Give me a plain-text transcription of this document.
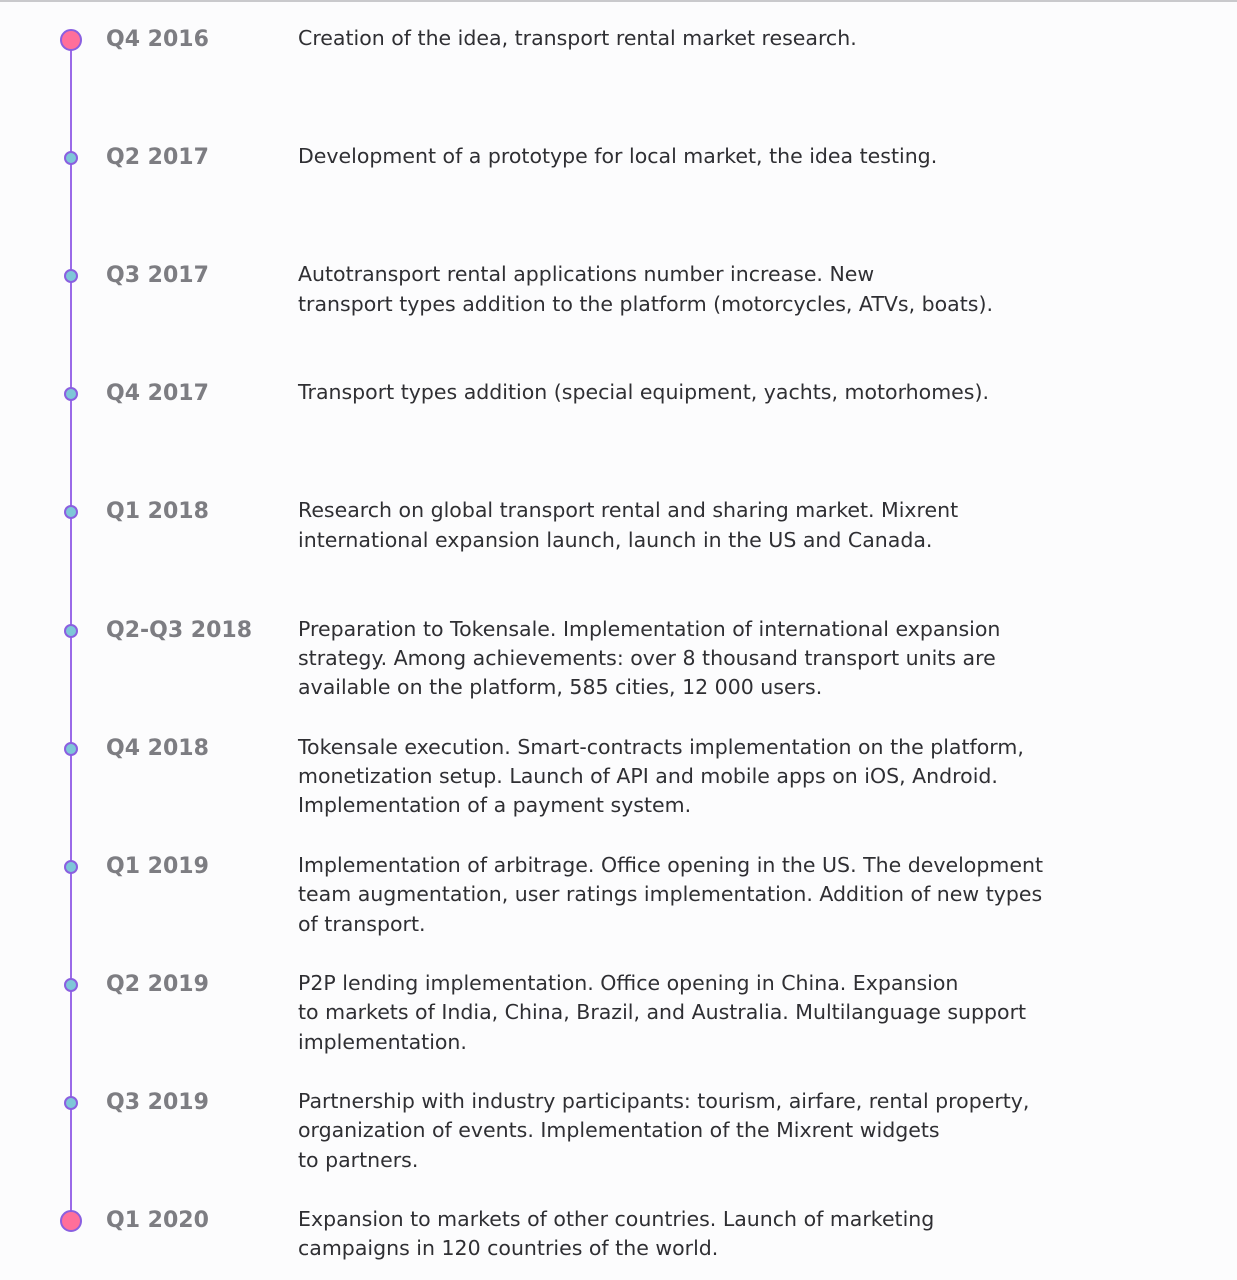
Q4 2016	Creation of the idea, transport rental market research.
Q2 2017	Development of a prototype for local market, the idea testing.
Q3 2017	Autotransport rental applications number increase. New
transport types addition to the platform (motorcycles, ATVs, boats).
Q4 2017	Transport types addition (special equipment, yachts, motorhomes).
Q1 2018	Research on global transport rental and sharing market. Mixrent
international expansion launch, launch in the US and Canada.
Q2-Q3 2018 Preparation to Tokensale. Implementation of international expansion
strategy. Among achievements: over 8 thousand transport units are
available on the platform, 585 cities, 12 000 users.
Q4 2018	Tokensale execution. Smart-contracts implementation on the platform,
monetization setup. Launch of API and mobile apps on iOS, Android.
Implementation of a payment system.
Q1 2019	Implementation of arbitrage. Office opening in the US. The development
team augmentation, user ratings implementation. Addition of new types
of transport.
Q2 2019	P2P lending implementation. Office opening in China. Expansion
to markets of India, China, Brazil, and Australia. Multilanguage support
implementation.
Q3 2019	Partnership with industry participants: tourism, airfare, rental property,
organization of events. Implementation of the Mixrent widgets
to partners.
Q1 2020	Expansion to markets of other countries. Launch of marketing
campaigns in 120 countries of the world.
